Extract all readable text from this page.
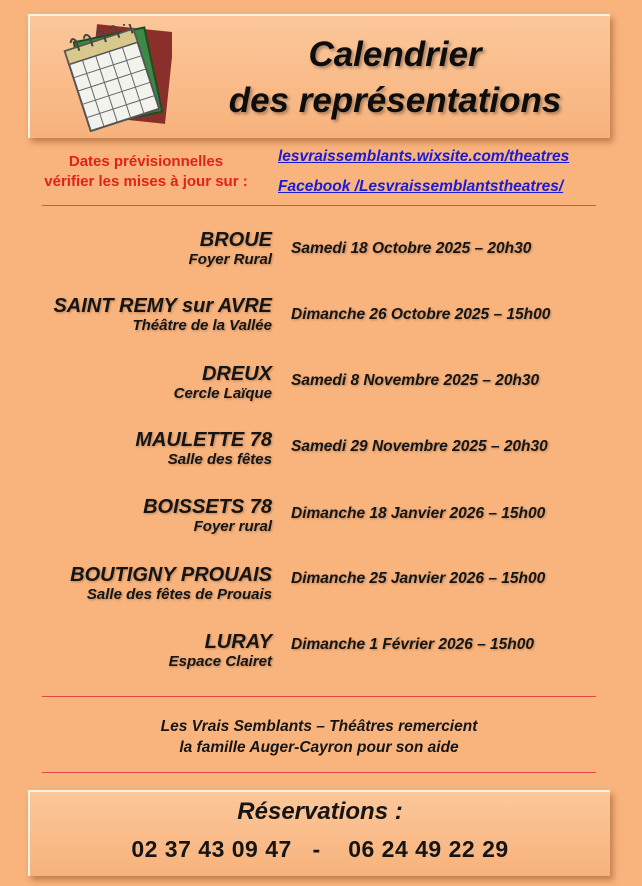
Calendrier
des représentations
Dates prévisionnelles
vérifier les mises à jour sur :
lesvraissemblants.wixsite.com/theatres
Facebook /Lesvraissemblantstheatres/
BROUE
Foyer Rural
Samedi 18 Octobre 2025 – 20h30
SAINT REMY sur AVRE
Théâtre de la Vallée
Dimanche 26 Octobre 2025 – 15h00
DREUX
Cercle Laïque
Samedi 8 Novembre 2025 – 20h30
MAULETTE 78
Salle des fêtes
Samedi 29 Novembre 2025 – 20h30
BOISSETS 78
Foyer rural
Dimanche 18 Janvier 2026 – 15h00
BOUTIGNY PROUAIS
Salle des fêtes de Prouais
Dimanche 25 Janvier 2026 – 15h00
LURAY
Espace Clairet
Dimanche 1 Février 2026 – 15h00
Les Vrais Semblants – Théâtres remercient
la famille Auger-Cayron pour son aide
Réservations :
02 37 43 09 47   -    06 24 49 22 29
